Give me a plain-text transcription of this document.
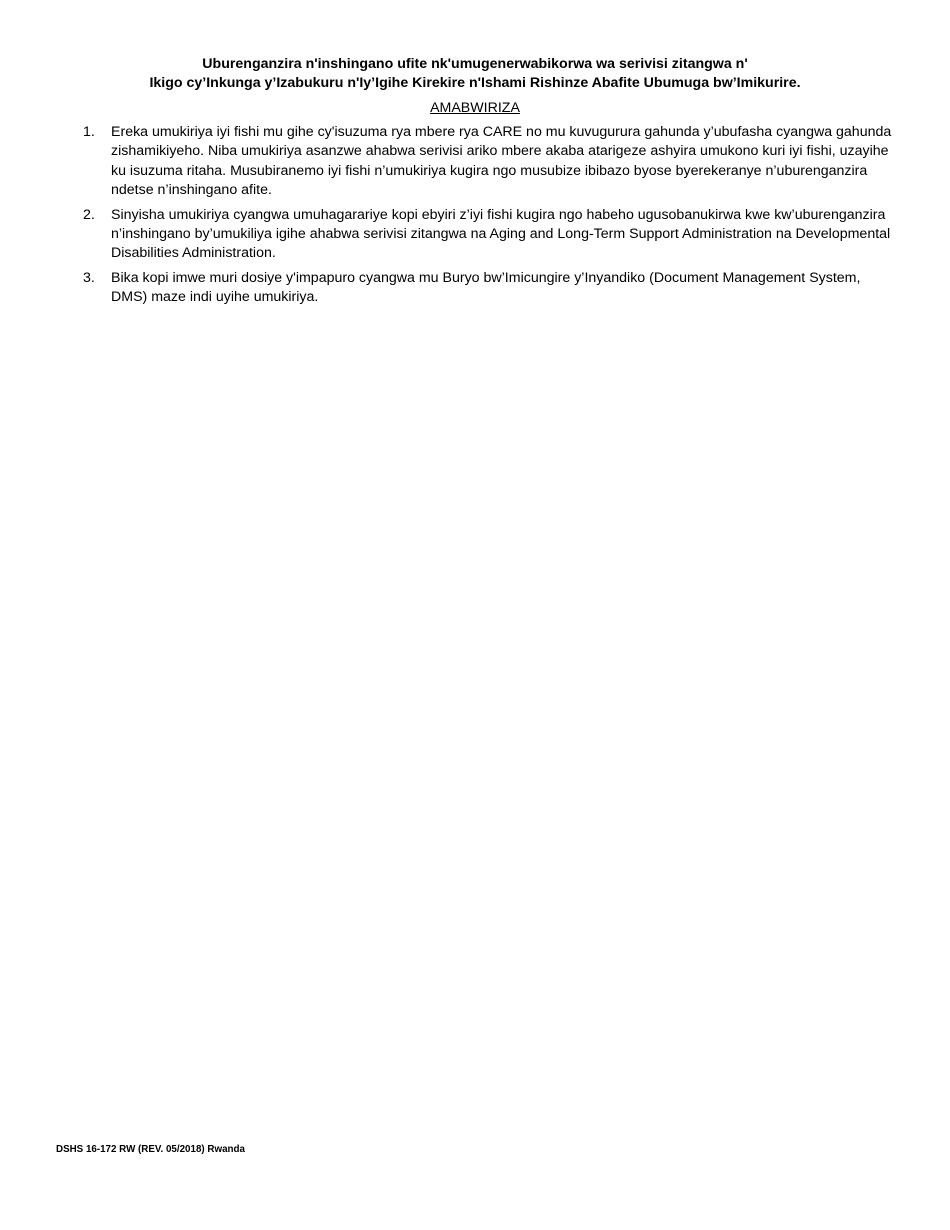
Uburenganzira n'inshingano ufite nk'umugenerwabikorwa wa serivisi zitangwa n'
Ikigo cy’Inkunga y’Izabukuru n'Iy’Igihe Kirekire n'Ishami Rishinze Abafite Ubumuga bw’Imikurire.
AMABWIRIZA
1. Ereka umukiriya iyi fishi mu gihe cy'isuzuma rya mbere rya CARE no mu kuvugurura gahunda y’ubufasha cyangwa gahunda zishamikiyeho. Niba umukiriya asanzwe ahabwa serivisi ariko mbere akaba atarigeze ashyira umukono kuri iyi fishi, uzayihe ku isuzuma ritaha. Musubiranemo iyi fishi n’umukiriya kugira ngo musubize ibibazo byose byerekeranye n’uburenganzira ndetse n’inshingano afite.
2. Sinyisha umukiriya cyangwa umuhagarariye kopi ebyiri z’iyi fishi kugira ngo habeho ugusobanukirwa kwe kw’uburenganzira n’inshingano by’umukiliya igihe ahabwa serivisi zitangwa na Aging and Long-Term Support Administration na Developmental Disabilities Administration.
3. Bika kopi imwe muri dosiye y'impapuro cyangwa mu Buryo bw’Imicungire y’Inyandiko (Document Management System, DMS) maze indi uyihe umukiriya.
DSHS 16-172 RW (REV. 05/2018) Rwanda
